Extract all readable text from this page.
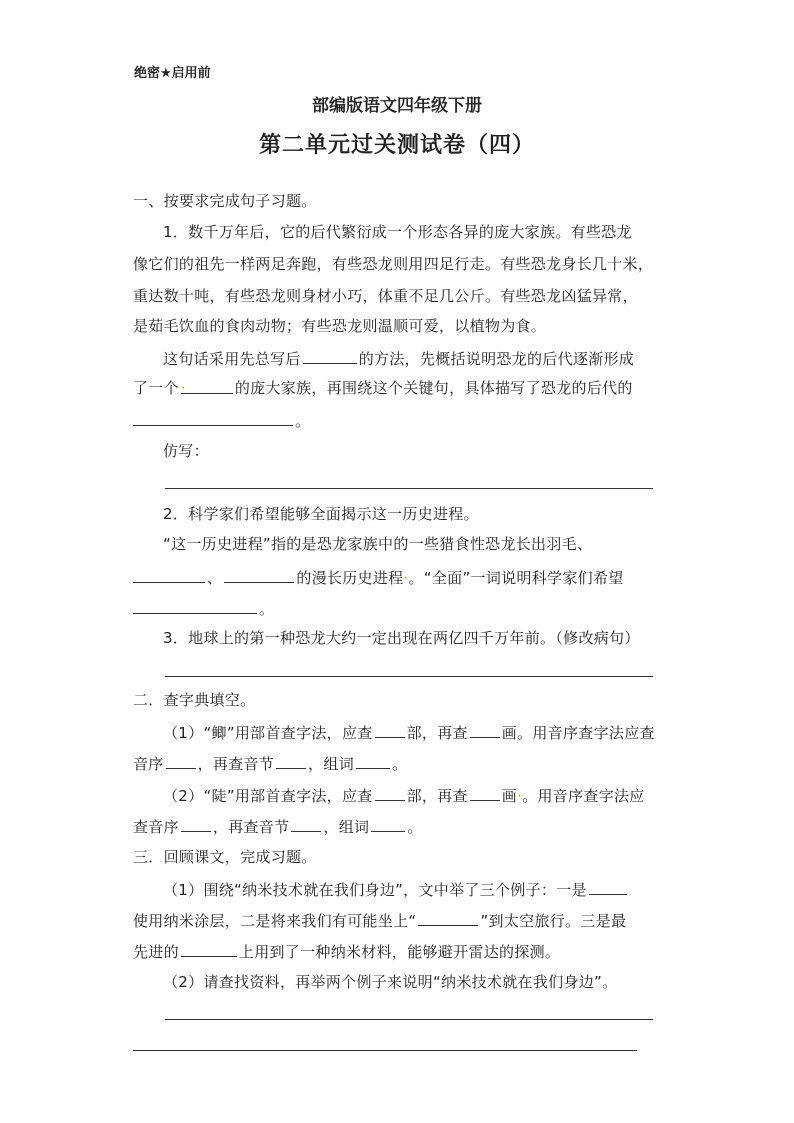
绝密★启用前
部编版语文四年级下册
第二单元过关测试卷（四）
一、按要求完成句子习题。
1．数千万年后，它的后代繁衍成一个形态各异的庞大家族。有些恐龙
像它们的祖先一样两足奔跑，有些恐龙则用四足行走。有些恐龙身长几十米，
重达数十吨，有些恐龙则身材小巧，体重不足几公斤。有些恐龙凶猛异常，
是茹毛饮血的食肉动物；有些恐龙则温顺可爱，以植物为食。
这句话采用先总写后	的方法，先概括说明恐龙的后代逐渐形成
了一个 ·	的庞大家族，再围绕这个关键句，具体描写了恐龙的后代的
。
仿写：
2．科学家们希望能够全面揭示这一历史进程。
“这一历史进程”指的是恐龙家族中的一些猎食性恐龙长出羽毛、
、	的漫长历史进程·。“全面”一词说明科学家们希望
。
3．地球上的第一种恐龙大约一定出现在两亿四千万年前。（修改病句）
二．查字典填空。
（1）“鲫”用部首查字法，应查 部，再查 画。用音序查字法应查
音序 ，再查音节 ，组词	。
（2）“陡”用部首查字法，应查 部，再查 画·。用音序查字法应
查音序 ，再查音节 ，组词	。
三．回顾课文，完成习题。
（1）围绕“纳米技术就在我们身边”，文中举了三个例子：一是
使用纳米涂层，二是将来我们有可能坐上“	”到太空旅行。三是最
先进的	上用到了一种纳米材料，能够避开雷达的探测。
（2）请查找资料，再举两个例子来说明“纳米技术就在我们身边”。
